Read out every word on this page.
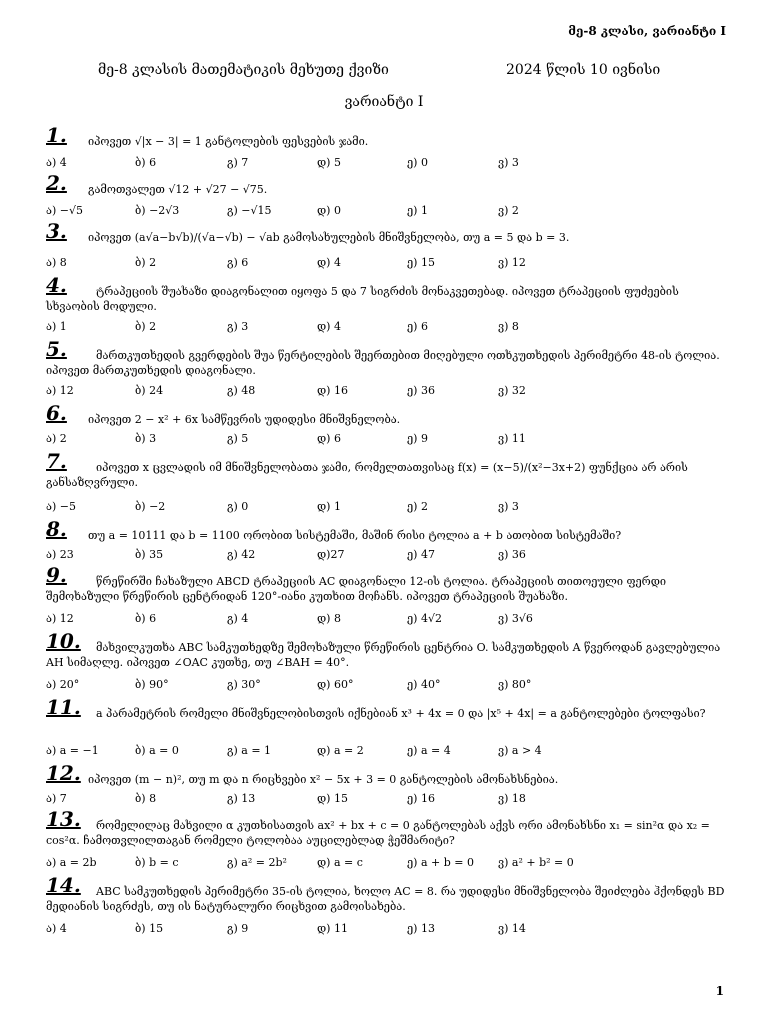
მე-8 კლასი, ვარიანტი I
მე-8 კლასის მათემატიკის მეხუთე ქვიზი	2024 წლის 10 ივნისი
ვარიანტი I
1. იპოვეთ √|x − 3| = 1 განტოლების ფესვების ჯამი.
ა) 4	ბ) 6	გ) 7	დ) 5	ე) 0	ვ) 3
2. გამოთვალეთ √12 + √27 − √75.
ა) −√5	ბ) −2√3	გ) −√15	დ) 0	ე) 1	ვ) 2
3. იპოვეთ (a√a−b√b)/(√a−√b) − √ab გამოსახულების მნიშვნელობა, თუ a = 5 და b = 3.
ა) 8	ბ) 2	გ) 6	დ) 4	ე) 15	ვ) 12
4.	ტრაპეციის შუახაზი დიაგონალით იყოფა 5 და 7 სიგრძის მონაკვეთებად. იპოვეთ ტრაპეციის ფუძეების სხვაობის მოდული.
ა) 1	ბ) 2	გ) 3	დ) 4	ე) 6	ვ) 8
5.	მართკუთხედის გვერდების შუა წერტილების შეერთებით მიღებული ოთხკუთხედის პერიმეტრი 48-ის ტოლია. იპოვეთ მართკუთხედის დიაგონალი.
ა) 12	ბ) 24	გ) 48	დ) 16	ე) 36	ვ) 32
6. იპოვეთ 2 − x² + 6x სამწევრის უდიდესი მნიშვნელობა.
ა) 2	ბ) 3	გ) 5	დ) 6	ე) 9	ვ) 11
7.	იპოვეთ x ცვლადის იმ მნიშვნელობათა ჯამი, რომელთათვისაც f(x) = (x−5)/(x²−3x+2) ფუნქცია არ არის განსაზღვრული.
ა) −5	ბ) −2	გ) 0	დ) 1	ე) 2	ვ) 3
8. თუ a = 10111 და b = 1100 ორობით სისტემაში, მაშინ რისი ტოლია a + b ათობით სისტემაში?
ა) 23	ბ) 35	გ) 42	დ)27	ე) 47	ვ) 36
9.	წრეწირში ჩახაზული ABCD ტრაპეციის AC დიაგონალი 12-ის ტოლია. ტრაპეციის თითოეული ფერდი შემოხაზული წრეწირის ცენტრიდან 120°-იანი კუთხით მოჩანს. იპოვეთ ტრაპეციის შუახაზი.
ა) 12	ბ) 6	გ) 4	დ) 8	ე) 4√2	ვ) 3√6
10.	მახვილკუთხა ABC სამკუთხედზე შემოხაზული წრეწირის ცენტრია O. სამკუთხედის A წვეროდან გავლებულია AH სიმაღლე. იპოვეთ ∠OAC კუთხე, თუ ∠BAH = 40°.
ა) 20°	ბ) 90°	გ) 30°	დ) 60°	ე) 40°	ვ) 80°
11.	a პარამეტრის რომელი მნიშვნელობისთვის იქნებიან x³ + 4x = 0 და |x⁵ + 4x| = a განტოლებები ტოლფასი?
ა) a = −1	ბ) a = 0	გ) a = 1	დ) a = 2	ე) a = 4	ვ) a > 4
12. იპოვეთ (m − n)², თუ m და n რიცხვები x² − 5x + 3 = 0 განტოლების ამონახსნებია.
ა) 7	ბ) 8	გ) 13	დ) 15	ე) 16	ვ) 18
13.	რომელილაც მახვილი α კუთხისათვის ax² + bx + c = 0 განტოლებას აქვს ორი ამონახსნი x₁ = sin²α და x₂ = cos²α. ჩამოთვლილთაგან რომელი ტოლობაა აუცილებლად ჭეშმარიტი?
ა) a = 2b	ბ) b = c	გ) a² = 2b²	დ) a = c	ე) a + b = 0 ვ) a² + b² = 0
14.	ABC სამკუთხედის პერიმეტრი 35-ის ტოლია, ხოლო AC = 8. რა უდიდესი მნიშვნელობა შეიძლება ჰქონდეს BD მედიანის სიგრძეს, თუ ის ნატურალური რიცხვით გამოისახება.
ა) 4	ბ) 15	გ) 9	დ) 11	ე) 13	ვ) 14
1
